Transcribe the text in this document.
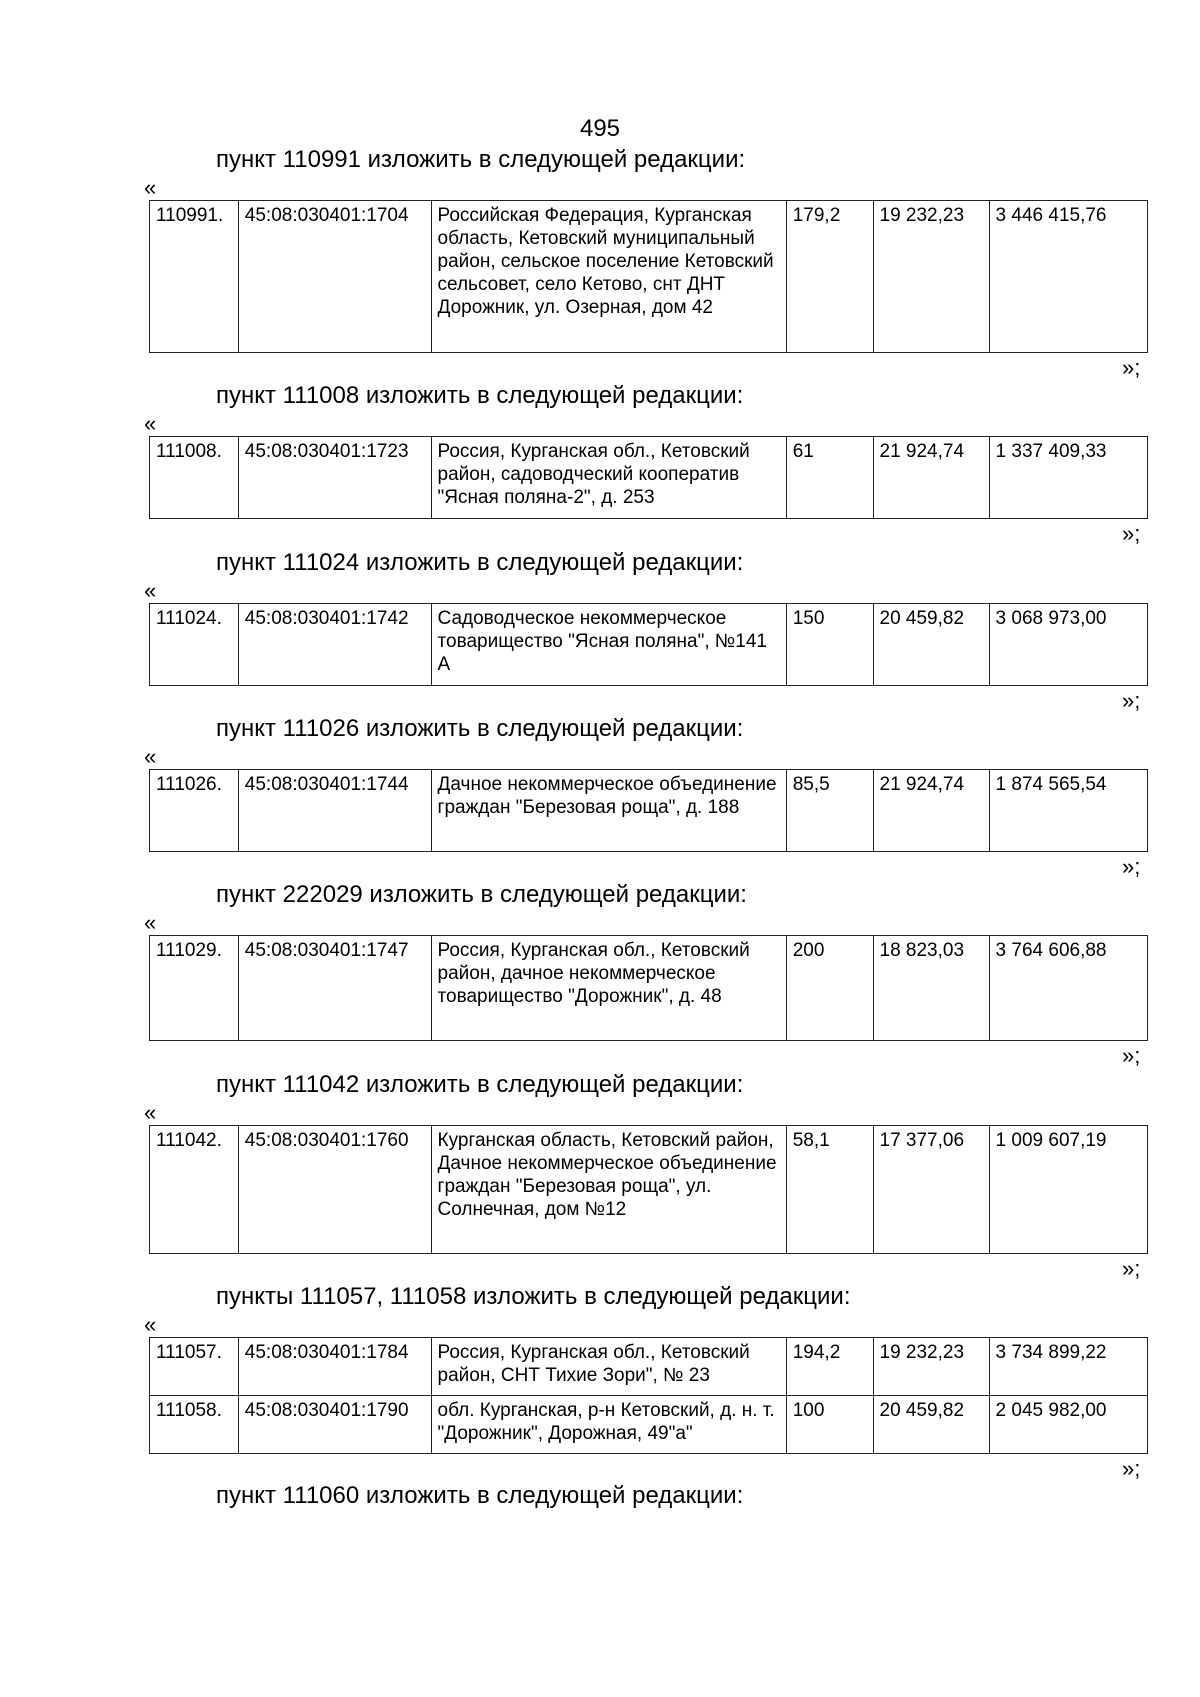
495
пункт 110991 изложить в следующей редакции:
«
110991.	45:08:030401:1704	Российская Федерация, Курганская область, Кетовский муниципальный район, сельское поселение Кетовский сельсовет, село Кетово, снт ДНТ Дорожник, ул. Озерная, дом 42	179,2	19 232,23	3 446 415,76
»;
пункт 111008 изложить в следующей редакции:
«
111008.	45:08:030401:1723	Россия, Курганская обл., Кетовский район, садоводческий кооператив "Ясная поляна-2", д. 253	61	21 924,74	1 337 409,33
»;
пункт 111024 изложить в следующей редакции:
«
111024.	45:08:030401:1742	Садоводческое некоммерческое товарищество "Ясная поляна", №141 А	150	20 459,82	3 068 973,00
»;
пункт 111026 изложить в следующей редакции:
«
111026.	45:08:030401:1744	Дачное некоммерческое объединение граждан "Березовая роща", д. 188	85,5	21 924,74	1 874 565,54
»;
пункт 222029 изложить в следующей редакции:
«
111029.	45:08:030401:1747	Россия, Курганская обл., Кетовский район, дачное некоммерческое товарищество "Дорожник", д. 48	200	18 823,03	3 764 606,88
»;
пункт 111042 изложить в следующей редакции:
«
111042.	45:08:030401:1760	Курганская область, Кетовский район, Дачное некоммерческое объединение граждан "Березовая роща", ул. Солнечная, дом №12	58,1	17 377,06	1 009 607,19
»;
пункты 111057, 111058 изложить в следующей редакции:
«
111057.	45:08:030401:1784	Россия, Курганская обл., Кетовский район, СНТ Тихие Зори", № 23	194,2	19 232,23	3 734 899,22
111058.	45:08:030401:1790	обл. Курганская, р-н Кетовский, д. н. т. "Дорожник", Дорожная, 49"а"	100	20 459,82	2 045 982,00
»;
пункт 111060 изложить в следующей редакции:
